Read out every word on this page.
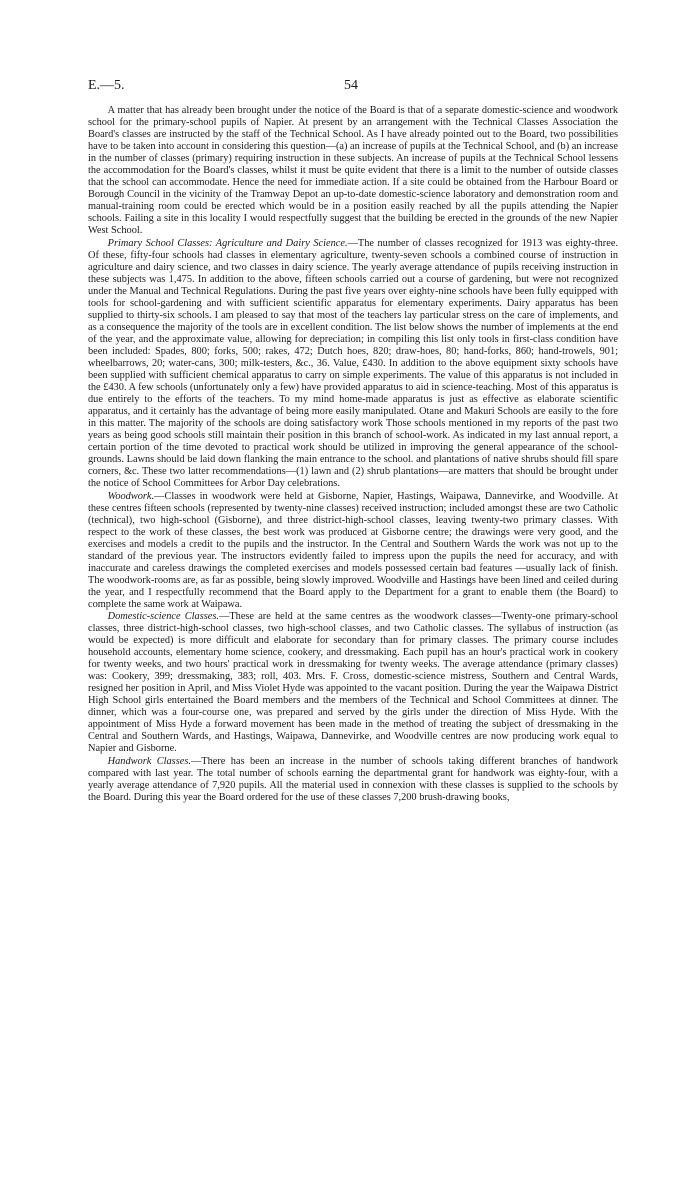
E.—5.	54

A matter that has already been brought under the notice of the Board is that of a separate domestic-science and woodwork school for the primary-school pupils of Napier. At present by an arrangement with the Technical Classes Association the Board's classes are instructed by the staff of the Technical School. As I have already pointed out to the Board, two possibilities have to be taken into account in considering this question—(a) an increase of pupils at the Technical School, and (b) an increase in the number of classes (primary) requiring instruction in these subjects. An increase of pupils at the Technical School lessens the accommodation for the Board's classes, whilst it must be quite evident that there is a limit to the number of outside classes that the school can accommodate. Hence the need for immediate action. If a site could be obtained from the Harbour Board or Borough Council in the vicinity of the Tramway Depot an up-to-date domestic-science laboratory and demonstration room and manual-training room could be erected which would be in a position easily reached by all the pupils attending the Napier schools. Failing a site in this locality I would respectfully suggest that the building be erected in the grounds of the new Napier West School.

Primary School Classes: Agriculture and Dairy Science.—The number of classes recognized for 1913 was eighty-three. Of these, fifty-four schools had classes in elementary agriculture, twenty-seven schools a combined course of instruction in agriculture and dairy science, and two classes in dairy science. The yearly average attendance of pupils receiving instruction in these subjects was 1,475. In addition to the above, fifteen schools carried out a course of gardening, but were not recognized under the Manual and Technical Regulations. During the past five years over eighty-nine schools have been fully equipped with tools for school-gardening and with sufficient scientific apparatus for elementary experiments. Dairy apparatus has been supplied to thirty-six schools. I am pleased to say that most of the teachers lay particular stress on the care of implements, and as a consequence the majority of the tools are in excellent condition. The list below shows the number of implements at the end of the year, and the approximate value, allowing for depreciation; in compiling this list only tools in first-class condition have been included: Spades, 800; forks, 500; rakes, 472; Dutch hoes, 820; draw-hoes, 80; hand-forks, 860; hand-trowels, 901; wheelbarrows, 20; water-cans, 300; milk-testers, &c., 36. Value, £430. In addition to the above equipment sixty schools have been supplied with sufficient chemical apparatus to carry on simple experiments. The value of this apparatus is not included in the £430. A few schools (unfortunately only a few) have provided apparatus to aid in science-teaching. Most of this apparatus is due entirely to the efforts of the teachers. To my mind home-made apparatus is just as effective as elaborate scientific apparatus, and it certainly has the advantage of being more easily manipulated. Otane and Makuri Schools are easily to the fore in this matter. The majority of the schools are doing satisfactory work Those schools mentioned in my reports of the past two years as being good schools still maintain their position in this branch of school-work. As indicated in my last annual report, a certain portion of the time devoted to practical work should be utilized in improving the general appearance of the school-grounds. Lawns should be laid down flanking the main entrance to the school. and plantations of native shrubs should fill spare corners, &c. These two latter recommendations—(1) lawn and (2) shrub plantations—are matters that should be brought under the notice of School Committees for Arbor Day celebrations.

Woodwork.—Classes in woodwork were held at Gisborne, Napier, Hastings, Waipawa, Dannevirke, and Woodville. At these centres fifteen schools (represented by twenty-nine classes) received instruction; included amongst these are two Catholic (technical), two high-school (Gisborne), and three district-high-school classes, leaving twenty-two primary classes. With respect to the work of these classes, the best work was produced at Gisborne centre; the drawings were very good, and the exercises and models a credit to the pupils and the instructor. In the Central and Southern Wards the work was not up to the standard of the previous year. The instructors evidently failed to impress upon the pupils the need for accuracy, and with inaccurate and careless drawings the completed exercises and models possessed certain bad features —usually lack of finish. The woodwork-rooms are, as far as possible, being slowly improved. Woodville and Hastings have been lined and ceiled during the year, and I respectfully recommend that the Board apply to the Department for a grant to enable them (the Board) to complete the same work at Waipawa.

Domestic-science Classes.—These are held at the same centres as the woodwork classes—Twenty-one primary-school classes, three district-high-school classes, two high-school classes, and two Catholic classes. The syllabus of instruction (as would be expected) is more difficult and elaborate for secondary than for primary classes. The primary course includes household accounts, elementary home science, cookery, and dressmaking. Each pupil has an hour's practical work in cookery for twenty weeks, and two hours' practical work in dressmaking for twenty weeks. The average attendance (primary classes) was: Cookery, 399; dressmaking, 383; roll, 403. Mrs. F. Cross, domestic-science mistress, Southern and Central Wards, resigned her position in April, and Miss Violet Hyde was appointed to the vacant position. During the year the Waipawa District High School girls entertained the Board members and the members of the Technical and School Committees at dinner. The dinner, which was a four-course one, was prepared and served by the girls under the direction of Miss Hyde. With the appointment of Miss Hyde a forward movement has been made in the method of treating the subject of dressmaking in the Central and Southern Wards, and Hastings, Waipawa, Dannevirke, and Woodville centres are now producing work equal to Napier and Gisborne.

Handwork Classes.—There has been an increase in the number of schools taking different branches of handwork compared with last year. The total number of schools earning the departmental grant for handwork was eighty-four, with a yearly average attendance of 7,920 pupils. All the material used in connexion with these classes is supplied to the schools by the Board. During this year the Board ordered for the use of these classes 7,200 brush-drawing books,
